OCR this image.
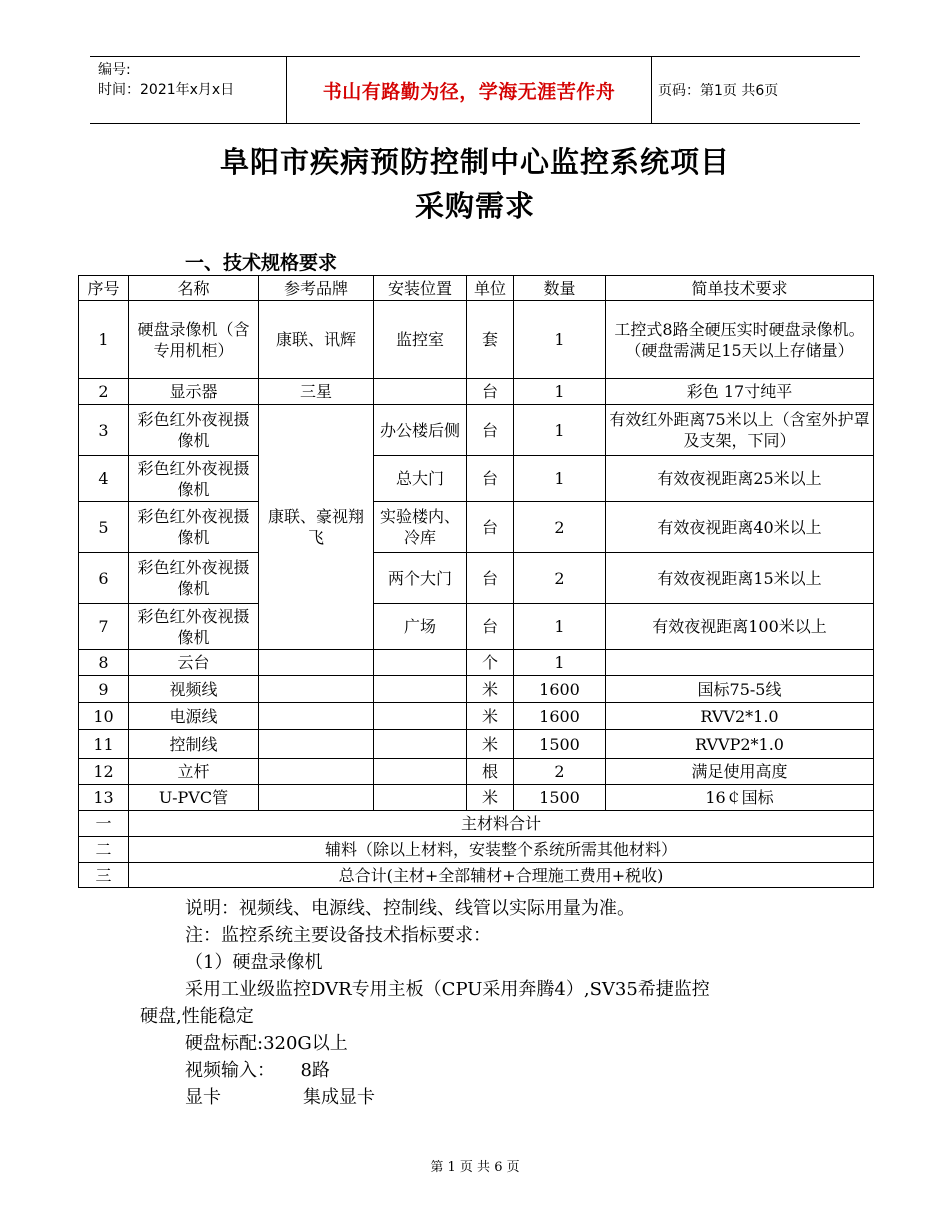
编号:
时间：2021年x月x日	书山有路勤为径，学海无涯苦作舟	页码：第1页 共6页
阜阳市疾病预防控制中心监控系统项目
采购需求
一、技术规格要求
序号	名称	参考品牌	安装位置	单位	数量	简单技术要求
1	硬盘录像机（含专用机柜）	康联、讯辉	监控室	套	1	工控式8路全硬压实时硬盘录像机。（硬盘需满足15天以上存储量）
2	显示器	三星		台	1	彩色 17寸纯平
3	彩色红外夜视摄像机	康联、豪视翔飞	办公楼后侧	台	1	有效红外距离75米以上（含室外护罩及支架，下同）
4	彩色红外夜视摄像机		总大门	台	1	有效夜视距离25米以上
5	彩色红外夜视摄像机		实验楼内、冷库	台	2	有效夜视距离40米以上
6	彩色红外夜视摄像机		两个大门	台	2	有效夜视距离15米以上
7	彩色红外夜视摄像机		广场	台	1	有效夜视距离100米以上
8	云台			个	1	
9	视频线			米	1600	国标75-5线
10	电源线			米	1600	RVV2*1.0
11	控制线			米	1500	RVVP2*1.0
12	立杆			根	2	满足使用高度
13	U-PVC管			米	1500	16￠国标
一	主材料合计					
二	辅料（除以上材料，安装整个系统所需其他材料）					
三	总合计(主材+全部辅材+合理施工费用+税收)					

说明：视频线、电源线、控制线、线管以实际用量为准。

注：监控系统主要设备技术指标要求：

（1）硬盘录像机

采用工业级监控DVR专用主板（CPU采用奔腾4）,SV35希捷监控

硬盘,性能稳定

硬盘标配:320G以上

视频输入： 8路

显卡	集成显卡

第 1 页 共 6 页
